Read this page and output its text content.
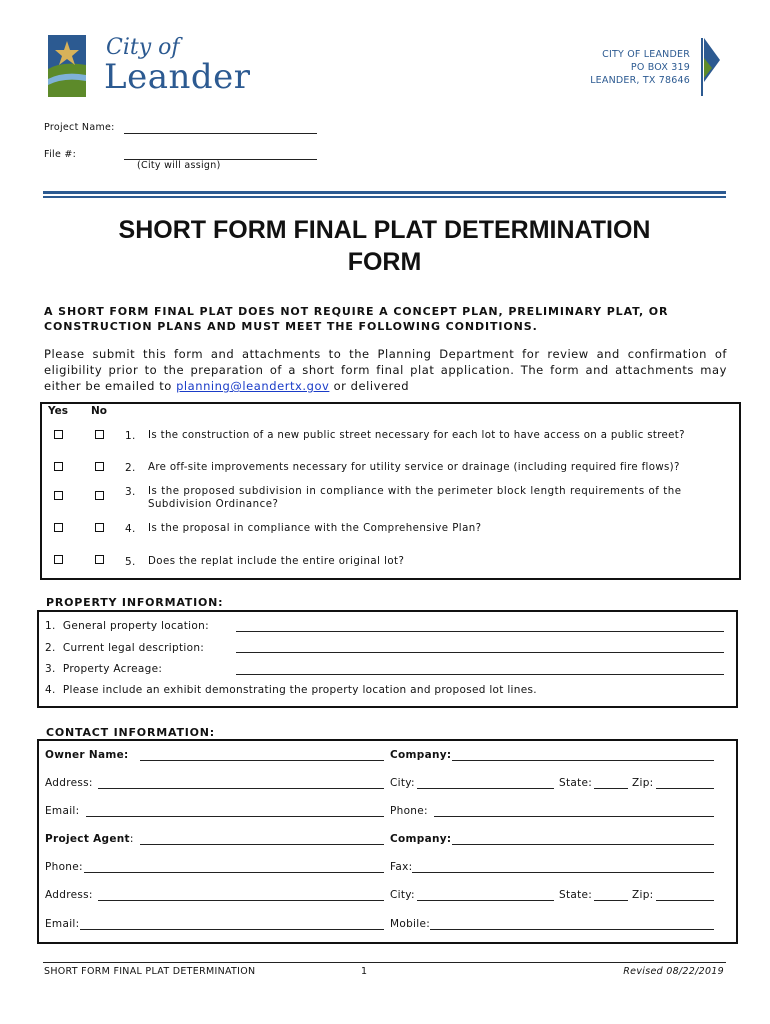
City of
Leander
CITY OF LEANDER
PO BOX 319
LEANDER, TX 78646
Project Name:
File #:
(City will assign)
SHORT FORM FINAL PLAT DETERMINATION
FORM
A SHORT FORM FINAL PLAT DOES NOT REQUIRE A CONCEPT PLAN, PRELIMINARY PLAT, OR CONSTRUCTION PLANS AND MUST MEET THE FOLLOWING CONDITIONS.
Please submit this form and attachments to the Planning Department for review and confirmation of eligibility prior to the preparation of a short form final plat application. The form and attachments may either be emailed to planning@leandertx.gov or delivered
Yes No
1. Is the construction of a new public street necessary for each lot to have access on a public street?
2. Are off-site improvements necessary for utility service or drainage (including required fire flows)?
3. Is the proposed subdivision in compliance with the perimeter block length requirements of the
Subdivision Ordinance?
4. Is the proposal in compliance with the Comprehensive Plan?
5. Does the replat include the entire original lot?
PROPERTY INFORMATION:
1. General property location:
2. Current legal description:
3. Property Acreage:
4. Please include an exhibit demonstrating the property location and proposed lot lines.
CONTACT INFORMATION:
Owner Name:	Company:
Address:	City:	State:	Zip:
Email:	Phone:
Project Agent:	Company:
Phone:	Fax:
Address:	City:	State:	Zip:
Email:	Mobile:
SHORT FORM FINAL PLAT DETERMINATION	1	Revised 08/22/2019
